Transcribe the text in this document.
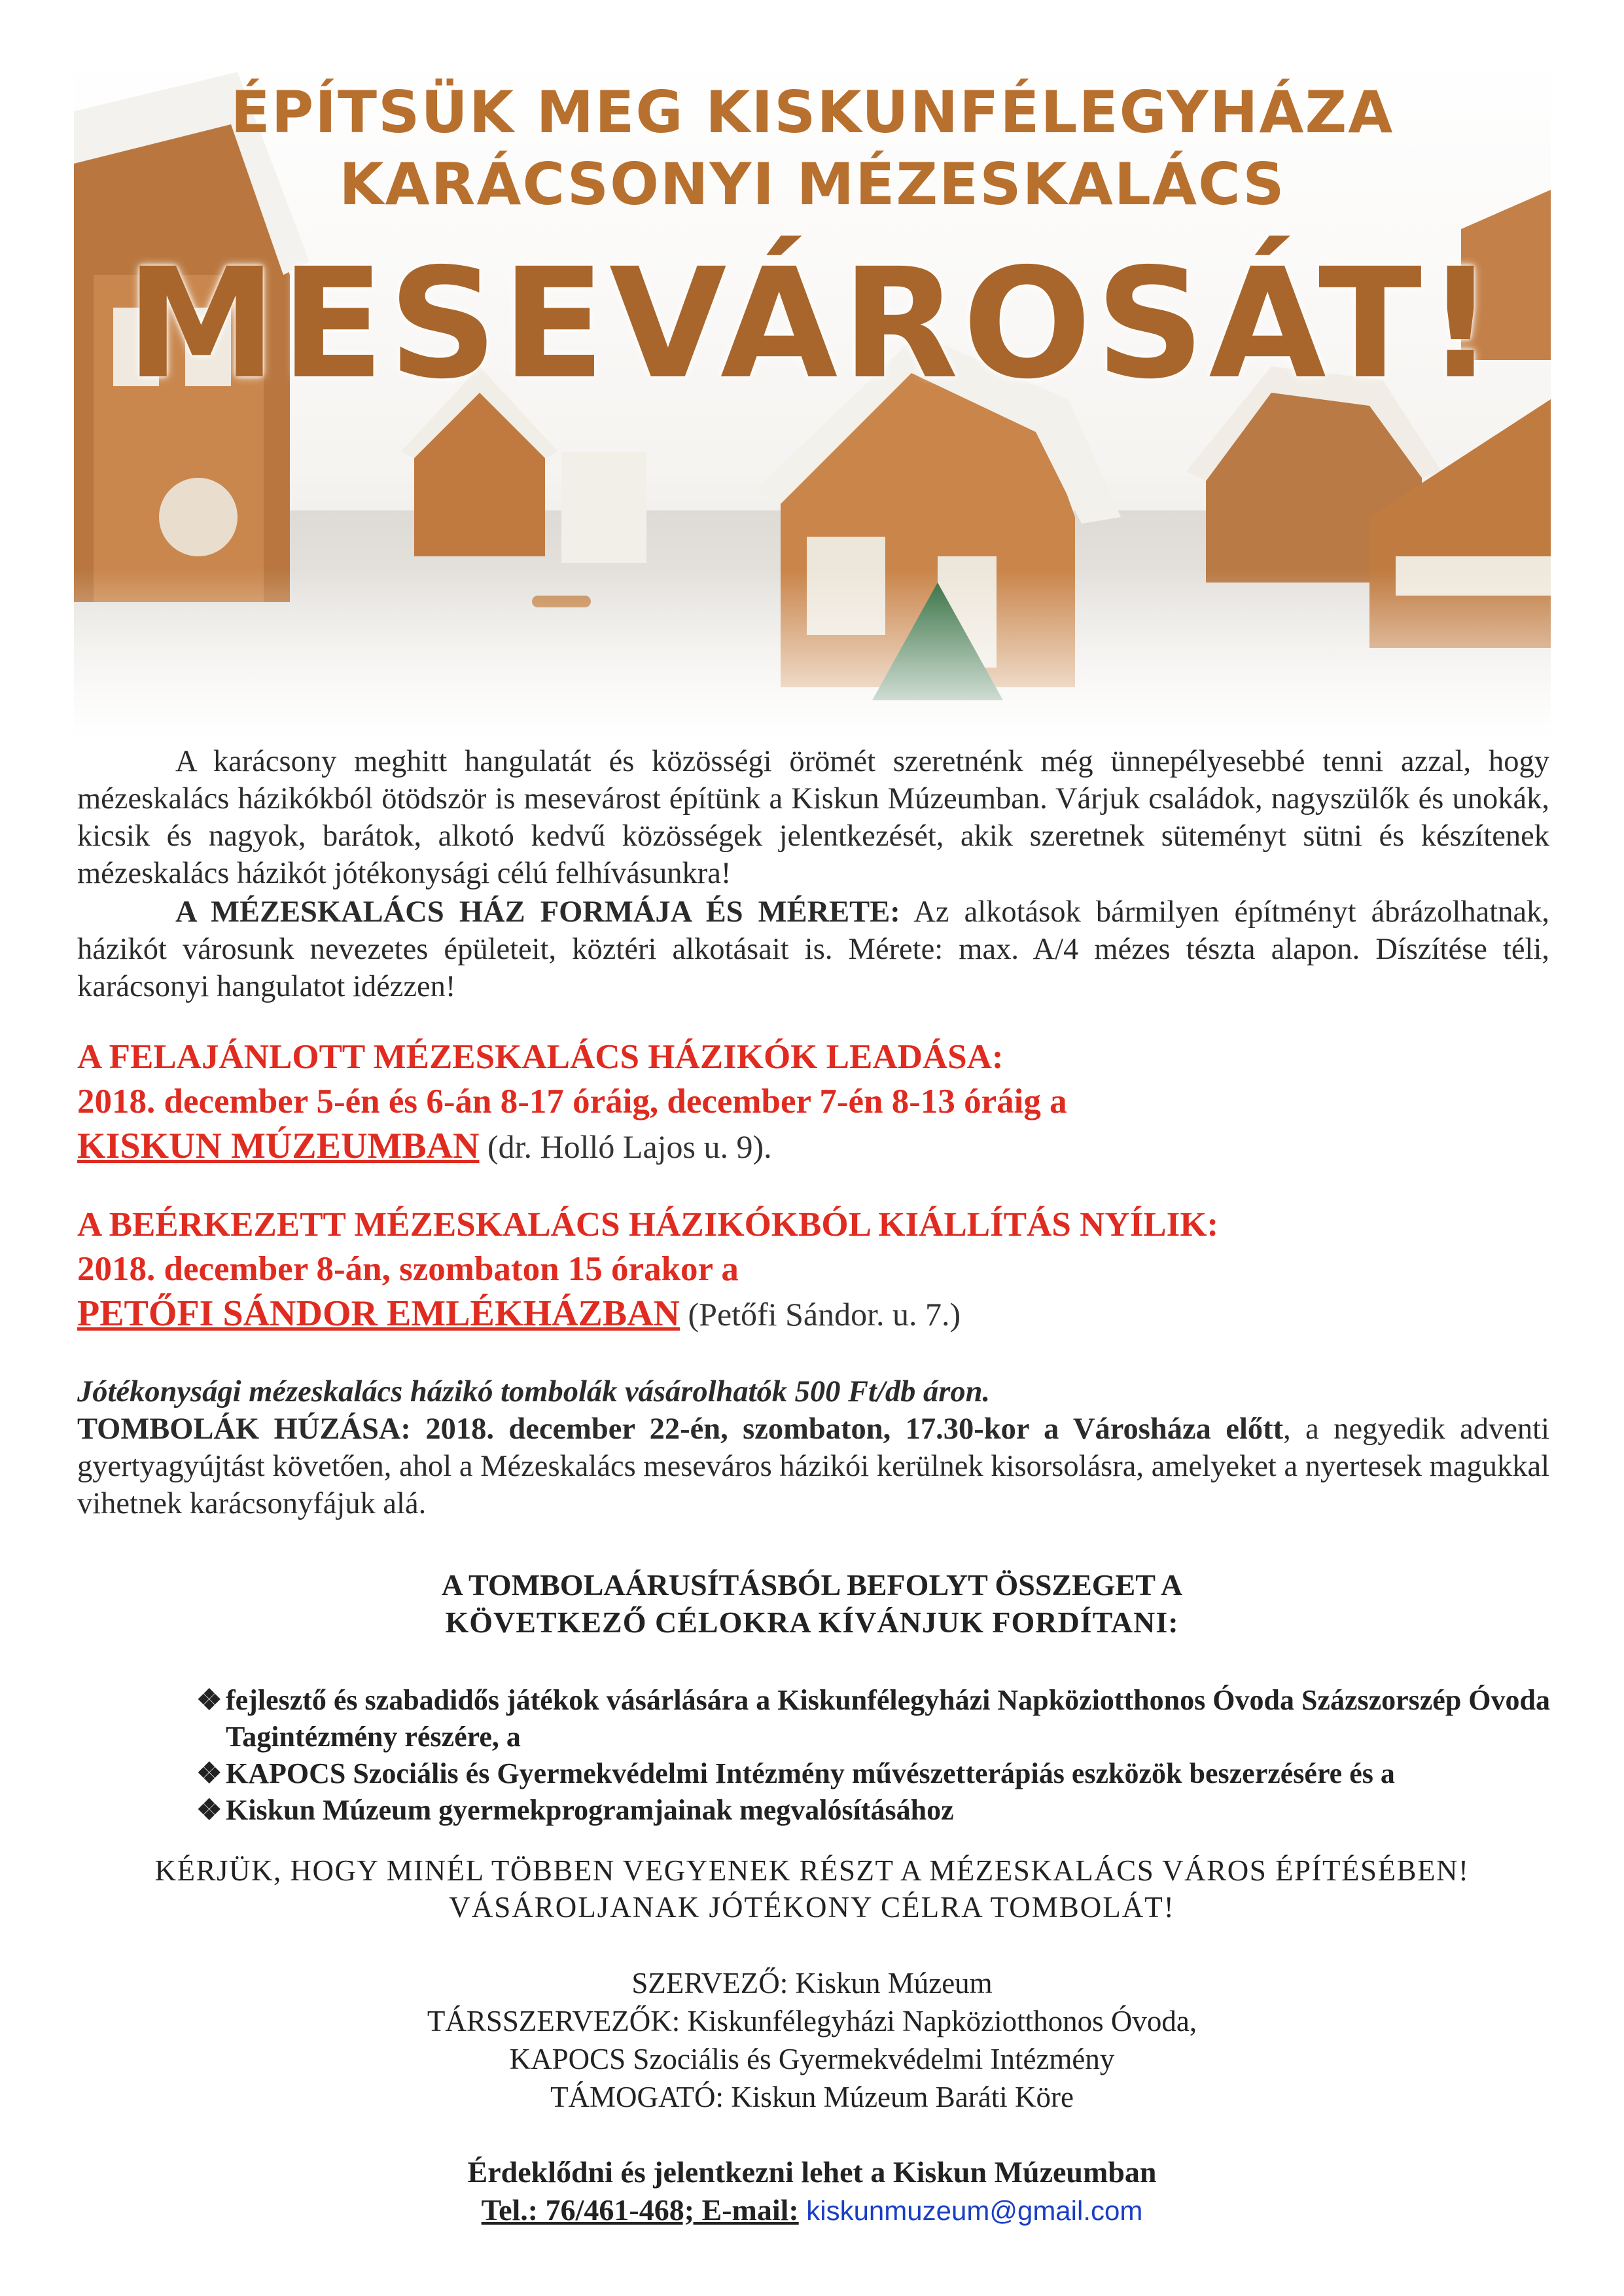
ÉPÍTSÜK MEG KISKUNFÉLEGYHÁZA
KARÁCSONYI MÉZESKALÁCS
MESEVÁROSÁT!
A karácsony meghitt hangulatát és közösségi örömét szeretnénk még ünnepélyesebbé tenni azzal, hogy mézeskalács házikókból ötödször is mesevárost építünk a Kiskun Múzeumban. Várjuk családok, nagyszülők és unokák, kicsik és nagyok, barátok, alkotó kedvű közösségek jelentkezését, akik szeretnek süteményt sütni és készítenek mézeskalács házikót jótékonysági célú felhívásunkra!
A MÉZESKALÁCS HÁZ FORMÁJA ÉS MÉRETE: Az alkotások bármilyen építményt ábrázolhatnak, házikót városunk nevezetes épületeit, köztéri alkotásait is. Mérete: max. A/4 mézes tészta alapon. Díszítése téli, karácsonyi hangulatot idézzen!
A FELAJÁNLOTT MÉZESKALÁCS HÁZIKÓK LEADÁSA:
2018. december 5-én és 6-án 8-17 óráig, december 7-én 8-13 óráig a
KISKUN MÚZEUMBAN (dr. Holló Lajos u. 9).
A BEÉRKEZETT MÉZESKALÁCS HÁZIKÓKBÓL KIÁLLÍTÁS NYÍLIK:
2018. december 8-án, szombaton 15 órakor a
PETŐFI SÁNDOR EMLÉKHÁZBAN (Petőfi Sándor. u. 7.)
Jótékonysági mézeskalács házikó tombolák vásárolhatók 500 Ft/db áron.
TOMBOLÁK HÚZÁSA: 2018. december 22-én, szombaton, 17.30-kor a Városháza előtt, a negyedik adventi gyertyagyújtást követően, ahol a Mézeskalács meseváros házikói kerülnek kisorsolásra, amelyeket a nyertesek magukkal vihetnek karácsonyfájuk alá.
A TOMBOLAÁRUSÍTÁSBÓL BEFOLYT ÖSSZEGET A
KÖVETKEZŐ CÉLOKRA KÍVÁNJUK FORDÍTANI:
❖ fejlesztő és szabadidős játékok vásárlására a Kiskunfélegyházi Napköziotthonos Óvoda Százszorszép Óvoda Tagintézmény részére, a
❖ KAPOCS Szociális és Gyermekvédelmi Intézmény művészetterápiás eszközök beszerzésére és a
❖ Kiskun Múzeum gyermekprogramjainak megvalósításához
KÉRJÜK, HOGY MINÉL TÖBBEN VEGYENEK RÉSZT A MÉZESKALÁCS VÁROS ÉPÍTÉSÉBEN!
VÁSÁROLJANAK JÓTÉKONY CÉLRA TOMBOLÁT!
SZERVEZŐ: Kiskun Múzeum
TÁRSSZERVEZŐK: Kiskunfélegyházi Napköziotthonos Óvoda,
KAPOCS Szociális és Gyermekvédelmi Intézmény
TÁMOGATÓ: Kiskun Múzeum Baráti Köre
Érdeklődni és jelentkezni lehet a Kiskun Múzeumban
Tel.: 76/461-468; E-mail: kiskunmuzeum@gmail.com
